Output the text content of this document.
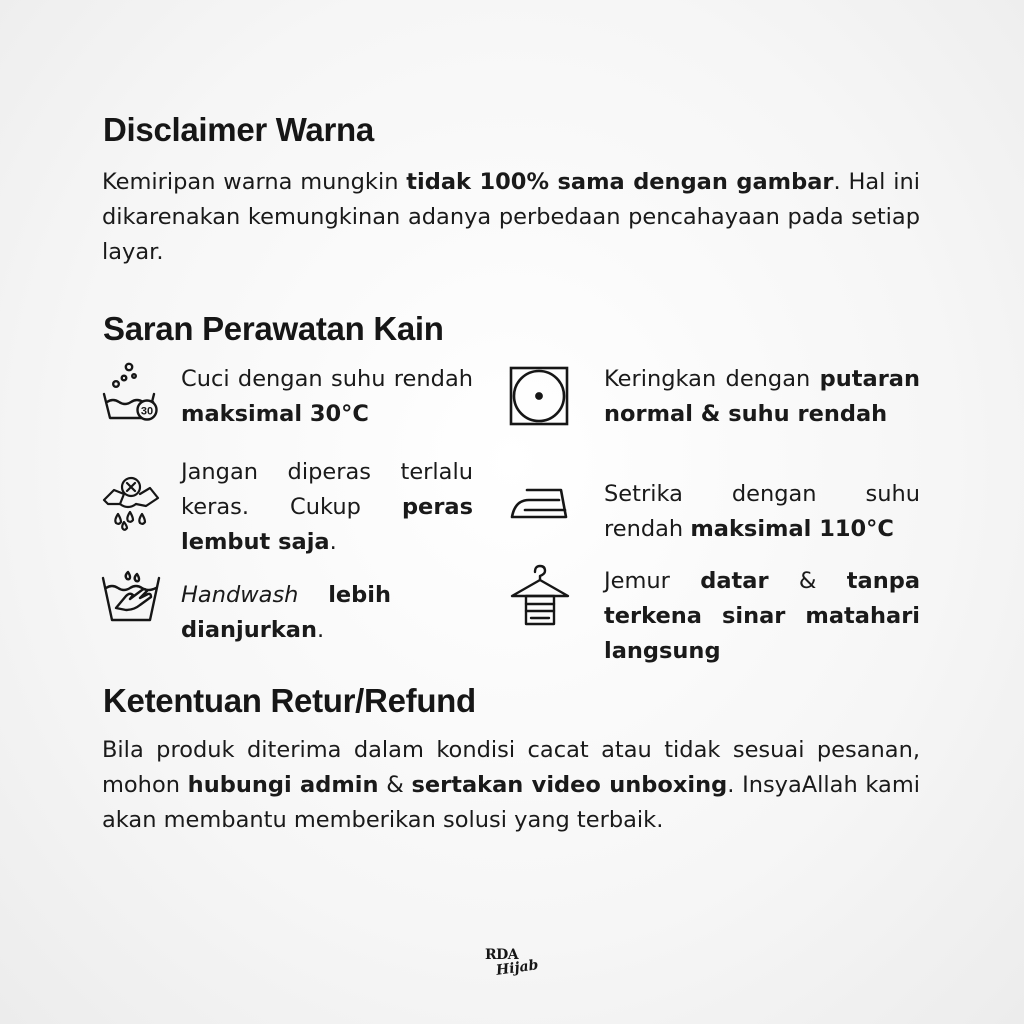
Disclaimer Warna

Kemiripan warna mungkin tidak 100% sama dengan gambar. Hal ini dikarenakan kemungkinan adanya perbedaan pencahayaan pada setiap layar.

Saran Perawatan Kain
30

Cuci dengan suhu rendah maksimal 30°C

Keringkan dengan putaran normal & suhu rendah

Jangan diperas terlalu keras. Cukup peras lembut saja.

Setrika dengan suhu rendah maksimal 110°C

Handwash lebih dianjurkan.

Jemur datar & tanpa terkena sinar matahari langsung

Ketentuan Retur/Refund

Bila produk diterima dalam kondisi cacat atau tidak sesuai pesanan, mohon hubungi admin & sertakan video unboxing. InsyaAllah kami akan membantu memberikan solusi yang terbaik.

RDA
Hijab
